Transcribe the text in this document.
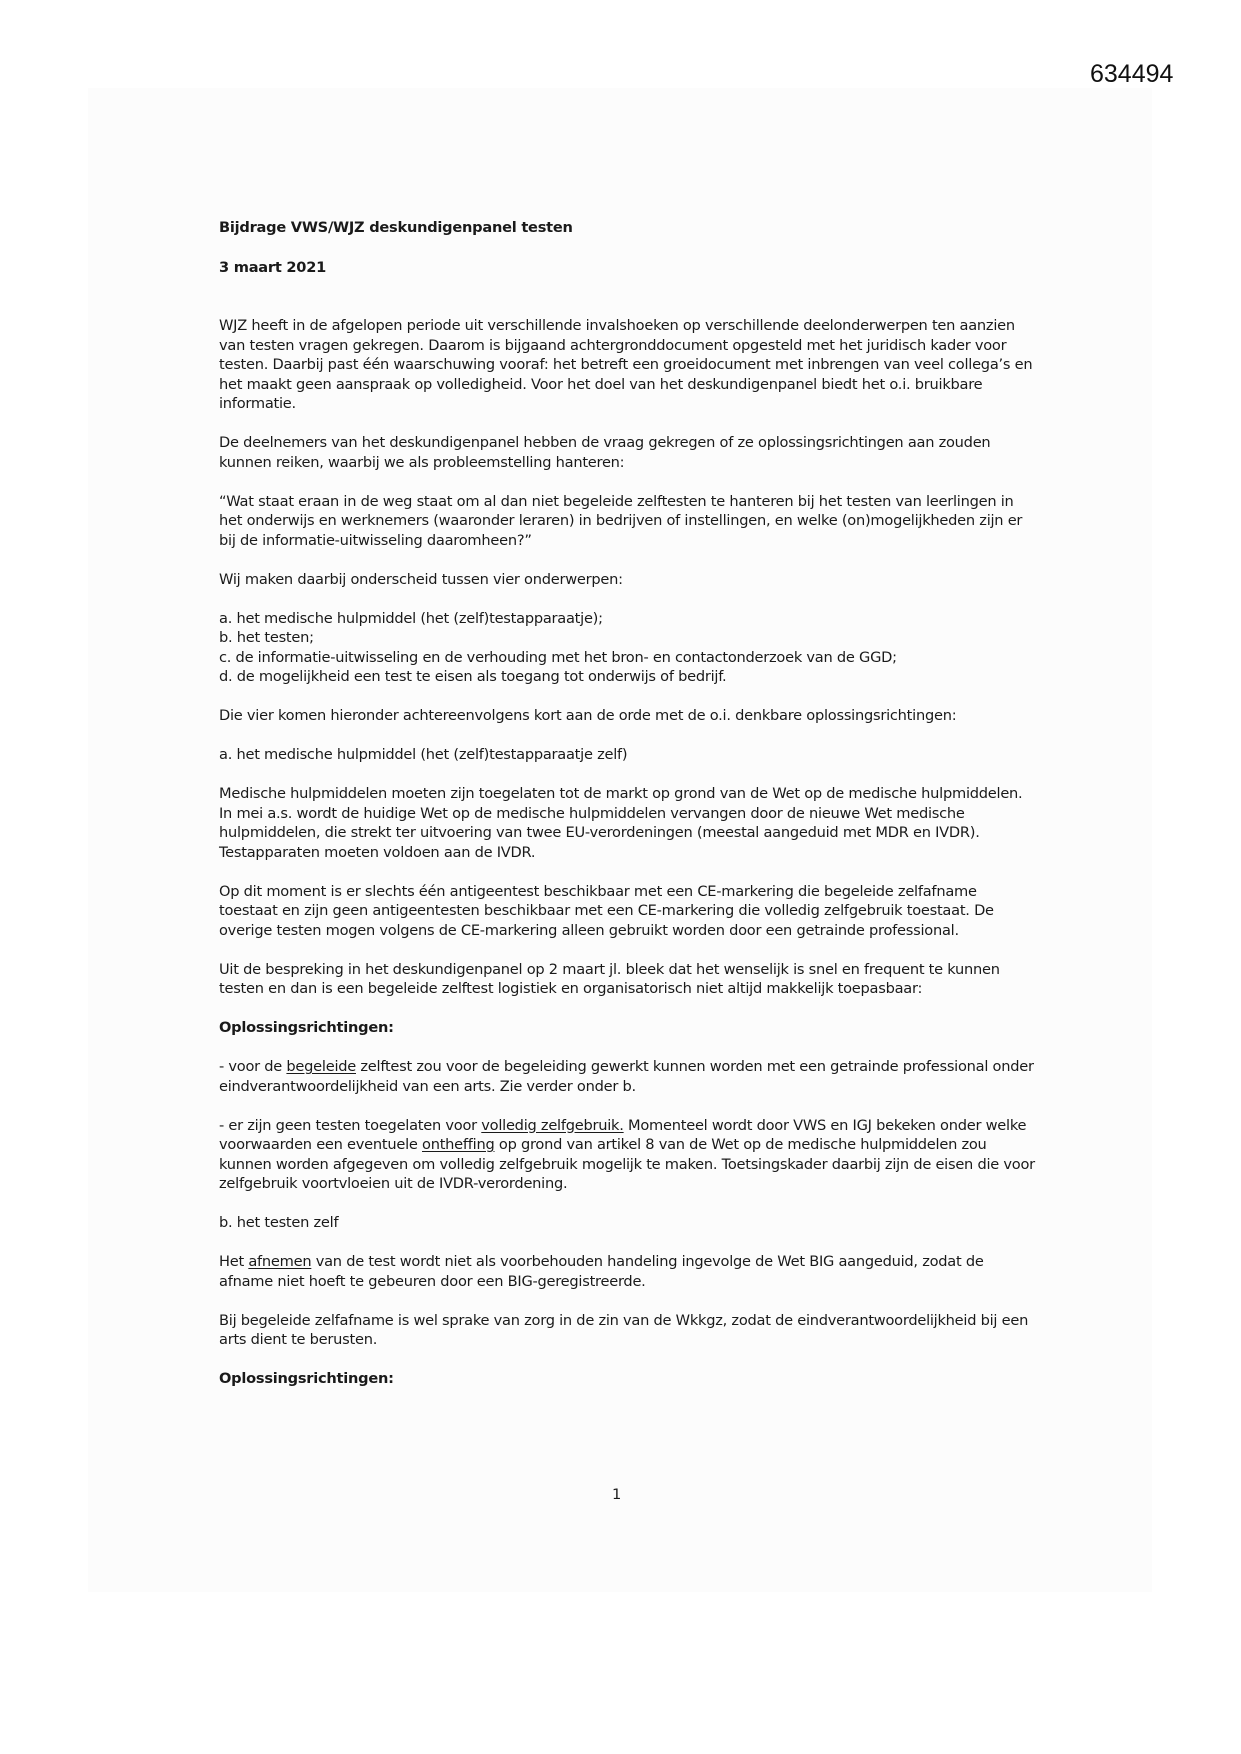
634494

Bijdrage VWS/WJZ deskundigenpanel testen

3 maart 2021

WJZ heeft in de afgelopen periode uit verschillende invalshoeken op verschillende deelonderwerpen ten aanzien van testen vragen gekregen. Daarom is bijgaand achtergronddocument opgesteld met het juridisch kader voor testen. Daarbij past één waarschuwing vooraf: het betreft een groeidocument met inbrengen van veel collega’s en het maakt geen aanspraak op volledigheid. Voor het doel van het deskundigenpanel biedt het o.i. bruikbare informatie.

De deelnemers van het deskundigenpanel hebben de vraag gekregen of ze oplossingsrichtingen aan zouden kunnen reiken, waarbij we als probleemstelling hanteren:

“Wat staat eraan in de weg staat om al dan niet begeleide zelftesten te hanteren bij het testen van leerlingen in het onderwijs en werknemers (waaronder leraren) in bedrijven of instellingen, en welke (on)mogelijkheden zijn er bij de informatie-uitwisseling daaromheen?”

Wij maken daarbij onderscheid tussen vier onderwerpen:

a. het medische hulpmiddel (het (zelf)testapparaatje);

b. het testen;

c. de informatie-uitwisseling en de verhouding met het bron- en contactonderzoek van de GGD;

d. de mogelijkheid een test te eisen als toegang tot onderwijs of bedrijf.

Die vier komen hieronder achtereenvolgens kort aan de orde met de o.i. denkbare oplossingsrichtingen:

a. het medische hulpmiddel (het (zelf)testapparaatje zelf)

Medische hulpmiddelen moeten zijn toegelaten tot de markt op grond van de Wet op de medische hulpmiddelen. In mei a.s. wordt de huidige Wet op de medische hulpmiddelen vervangen door de nieuwe Wet medische hulpmiddelen, die strekt ter uitvoering van twee EU-verordeningen (meestal aangeduid met MDR en IVDR). Testapparaten moeten voldoen aan de IVDR.

Op dit moment is er slechts één antigeentest beschikbaar met een CE-markering die begeleide zelfafname toestaat en zijn geen antigeentesten beschikbaar met een CE-markering die volledig zelfgebruik toestaat. De overige testen mogen volgens de CE-markering alleen gebruikt worden door een getrainde professional.

Uit de bespreking in het deskundigenpanel op 2 maart jl. bleek dat het wenselijk is snel en frequent te kunnen testen en dan is een begeleide zelftest logistiek en organisatorisch niet altijd makkelijk toepasbaar:

Oplossingsrichtingen:

- voor de begeleide zelftest zou voor de begeleiding gewerkt kunnen worden met een getrainde professional onder eindverantwoordelijkheid van een arts. Zie verder onder b.

- er zijn geen testen toegelaten voor volledig zelfgebruik. Momenteel wordt door VWS en IGJ bekeken onder welke voorwaarden een eventuele ontheffing op grond van artikel 8 van de Wet op de medische hulpmiddelen zou kunnen worden afgegeven om volledig zelfgebruik mogelijk te maken. Toetsingskader daarbij zijn de eisen die voor zelfgebruik voortvloeien uit de IVDR-verordening.

b. het testen zelf

Het afnemen van de test wordt niet als voorbehouden handeling ingevolge de Wet BIG aangeduid, zodat de afname niet hoeft te gebeuren door een BIG-geregistreerde.

Bij begeleide zelfafname is wel sprake van zorg in de zin van de Wkkgz, zodat de eindverantwoordelijkheid bij een arts dient te berusten.

Oplossingsrichtingen:

1
